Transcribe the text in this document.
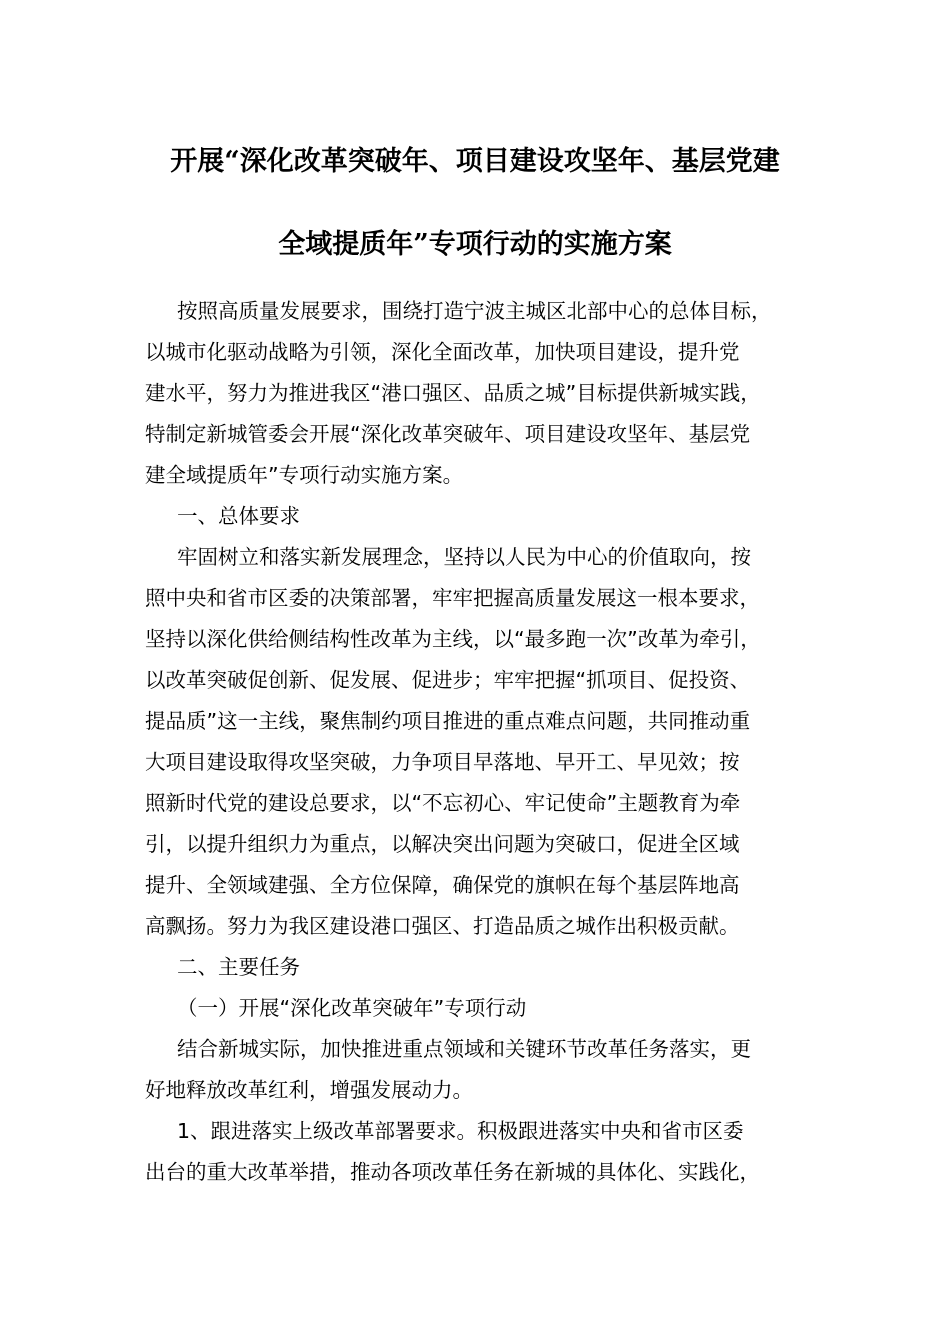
开展“深化改革突破年、项目建设攻坚年、基层党建
全域提质年”专项行动的实施方案
按照高质量发展要求，围绕打造宁波主城区北部中心的总体目标，
以城市化驱动战略为引领，深化全面改革，加快项目建设，提升党
建水平，努力为推进我区“港口强区、品质之城”目标提供新城实践，
特制定新城管委会开展“深化改革突破年、项目建设攻坚年、基层党
建全域提质年”专项行动实施方案。
一、总体要求
牢固树立和落实新发展理念，坚持以人民为中心的价值取向，按
照中央和省市区委的决策部署，牢牢把握高质量发展这一根本要求，
坚持以深化供给侧结构性改革为主线，以“最多跑一次”改革为牵引，
以改革突破促创新、促发展、促进步；牢牢把握“抓项目、促投资、
提品质”这一主线，聚焦制约项目推进的重点难点问题，共同推动重
大项目建设取得攻坚突破，力争项目早落地、早开工、早见效；按
照新时代党的建设总要求，以“不忘初心、牢记使命”主题教育为牵
引，以提升组织力为重点，以解决突出问题为突破口，促进全区域
提升、全领域建强、全方位保障，确保党的旗帜在每个基层阵地高
高飘扬。努力为我区建设港口强区、打造品质之城作出积极贡献。
二、主要任务
（一）开展“深化改革突破年”专项行动
结合新城实际，加快推进重点领域和关键环节改革任务落实，更
好地释放改革红利，增强发展动力。
1、跟进落实上级改革部署要求。积极跟进落实中央和省市区委
出台的重大改革举措，推动各项改革任务在新城的具体化、实践化，
